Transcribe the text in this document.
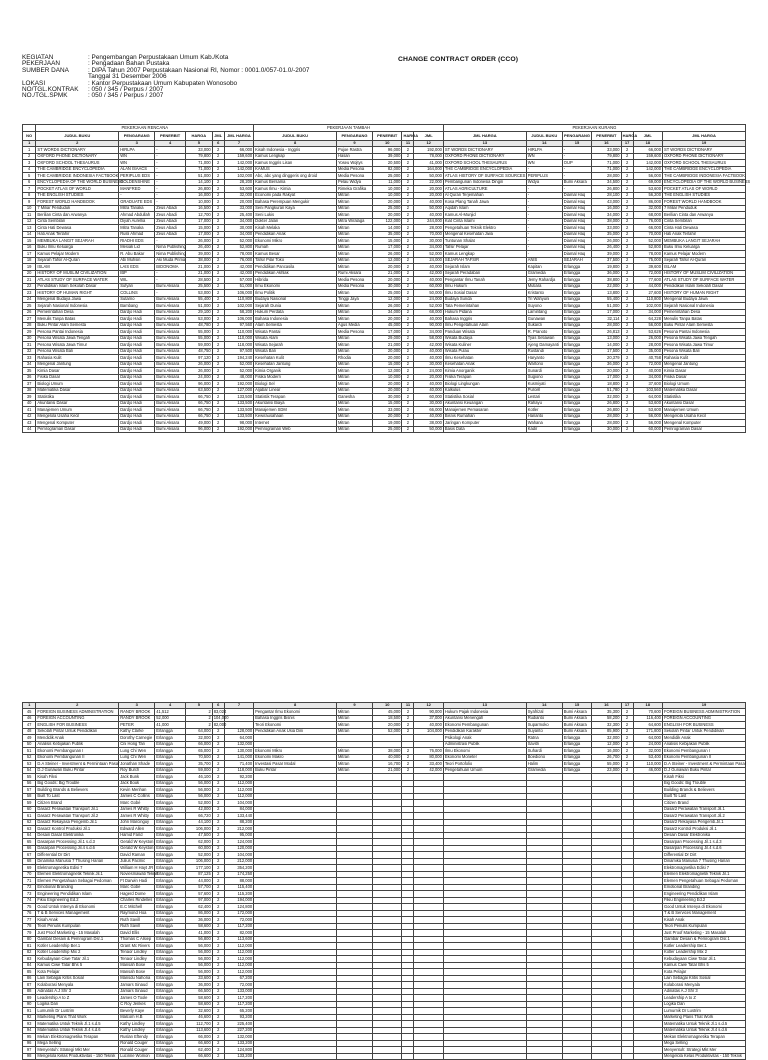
KEGIATAN	: Pengembangan Perpustakaan Umum Kab./Kota
PEKERJAAN	: Pengadaan Bahan Pustaka
SUMBER DANA	: DIPA Tahun 2007 Perpustakaan Nasional RI, Nomor : 0001.0/057-01.0/-2007
Tanggal 31 Desember 2006
LOKASI	: Kantor Perpustakaan Umum Kabupaten Wonosobo
NO/TGL.KONTRAK	: 050 / 345 / Perpus / 2007
NO./TGL.SPMK	: 050 / 345 / Perpus / 2007
CHANGE CONTRACT ORDER (CCO)
	PEKERJAAN RENCANA						PEKERJAAN TAMBAH					PEKERJAAN KURANG						
NO	JUDUL BUKU	PENGARANG	PENERBIT	HARGA	JML	JML HARGA	JUDUL BUKU	PENGARANG	PENERBIT	HARGA	JML	JML HARGA	JUDUL BUKU	PENGARANG	PENERBIT	HARGA	JML	JML HARGA
1	2	3	4	5	6	7	8	9	10	11	12	13	14	15	16	17	18	19
1	ST WORDS DICTIONARY	HIRLPA	-	33,000	2	66,000	Kisah Indonesia - Inggris	Pujoe Rastra	96,000	2	192,000	ST WORDS DICTIONARY	HIRLPA	-	33,000	2	66,000	ST WORDS DICTIONARY
2	OXFORD PHONE DICTIONARY	WN	-	79,800	2	159,600	Kamus Lengkap	Hasan	39,000	2	78,000	OXFORD PHONE DICTIONARY	WN	-	79,800	2	159,600	OXFORD PHONE DICTIONARY
3	OXFORD SCHOOL THESAURUS	WN	-	71,000	2	142,000	Kamus Inggris Lisan	Yoseu Wojtys	20,500	2	41,000	OXFORD SCHOOL THESAURUS	WN	OUP	71,000	2	142,000	OXFORD SCHOOL THESAURUS
4	THE CAMBRIDGE ENCYCLOPEDIA	ALAN ISAACS	-	71,000	2	142,000	KAMUS	Media Pesona	82,000	2	164,000	THE CAMBRIDGE ENCYCLOPEDIA	-	-	71,000	2	142,000	THE CAMBRIDGE ENCYCLOPEDIA
5	THE CAMBRIDGE INDONESIA FACTBOOK	PERIPLUS EDS	-	51,000	2	102,000	Abc, abc yang dinggeris ong droid	Media Pesona	25,000	2	50,000	ATLAS HISTORY OF SURFACE SOURCES	PERIPLUS	-	28,000	2	56,000	THE CAMBRIDGE INDONESIA FACTBOOK
6	ENCYCLOPEDIA OF THE WORLD BUSINESS	GOLDENSHINE	-	14,100	2	28,200	Kamus Bersama	Pelau Widya	11,000	2	22,000	Pembangunan Indonesia Dingin	Widya	Bumi Aksara	34,500	2	69,000	ENCYCLOPEDIA OF THE WORLD BUSINESS
7	POCKET ATLAS OF WORLD	MANFRED	-	26,800	2	53,600	Kamus Ilmu - Kimia	Rimeka Grafika	10,000	2	20,000	ATLAS AGRICULTURE	-	-	26,800	2	53,600	POCKET ATLAS OF WORLD
8	THE ENGLISH STUDIES	-	-	16,000	2	32,000	Economi pada Rakyat	Mitran	10,000	2	20,000	Al Quran Terjemahan	-	Diamal Haq	28,100	2	56,200	THE ENGLISH STUDIES
9	FOREST WORLD HANDBOOK	GRADUATE EDS	-	10,000	2	20,000	Bahasa Perempuan Mengukir	Mitran	20,000	2	40,000	Kosa Plang Tanah Jawa	-	Diamal Haq	43,000	2	86,000	FOREST WORLD HANDBOOK
10	7 Miliar Penduduk	Mitra Tanaka	Zeus Abadi	16,500	2	33,000	Seni Pangkuran Kaya	Mitran	25,000	2	50,000	Aqidah Islam	-	Diamal Haq	16,000	2	32,000	7 Miliar Penduduk
11	Berilian Cinta dan Arwanya	Ahmad Abdullah	Zeus Abadi	12,700	2	25,400	Seni Lukis	Mitran	20,000	2	40,000	Kamus Al-Munjid	-	Diamal Haq	34,000	2	68,000	Berilian Cinta dan Arwanya
12	Cinta Sembilan	Diyah Aurellia	Zeus Abadi	17,000	2	34,000	Dokter Jalan	Mitra Wiralaga	122,000	2	244,000	Kiat Cinta Islami	-	Diamal Haq	38,000	2	76,000	Cinta Sembilan
13	Cinta Hati Dewasa	Mitra Tanaka	Zeus Abadi	15,000	2	30,000	Kisah Melaka	Mitran	14,000	2	28,000	Pengetahuan Teknik Elektro	-	Diamal Haq	33,000	2	66,000	Cinta Hati Dewasa
14	Hati Anak Terlahir	Rusli Ahmad	Zeus Abadi	17,000	2	34,000	Pendidikan Anak	Mitran	35,000	2	70,000	Mengenal Kesehatan Jiwa	-	Diamal Haq	35,000	2	70,000	Hati Anak Terlahir
15	MEMBUKA LANGIT SEJARAH	RIADHI EDS	-	26,000	2	52,000	Ekonomi Mikro	Mitran	15,000	2	30,000	Tuntunan Shalat	-	Diamal Haq	26,000	2	52,000	MEMBUKA LANGIT SEJARAH
16	Buku Ilmu Keluarga	Mesiak Lid	Nima Publishing	26,400	2	52,800	Rumah	Mitran	17,000	2	34,000	Tafsir Pelajar	-	Diamal Haq	26,400	2	52,800	Buku Ilmu Keluarga
17	Kamus Pelajar Modern	R. Abu Bakar	Nima Publishing	39,000	2	78,000	Kamus Besar	Mitran	26,000	2	52,000	Kamus Lengkap	-	Diamal Haq	39,000	2	78,000	Kamus Pelajar Modern
18	Sejarah Tafsir Al-Quran	Abi Muhsin	Aki Muda Prima	38,000	2	76,000	Tafsir Pilar Toko	Mitran	12,000	2	24,000	SEJARAH TAFSIR	ANIS	SEJARAH	37,500	2	75,000	Sejarah Tafsir Al-Quran
19	ISLAM	LAIS EDS	BIDONOMA	21,000	2	42,000	Pendidikan Pancasila	Mitran	20,000	2	40,000	Sejarah Islam	Kapitan	Erlangga	19,800	2	39,600	ISLAM
20	HISTORY OF MUSLIM CIVILIZATION	IBP	-	21,000	2	42,000	Pendidikan Akhlak	Rumi Aksara	21,000	2	42,000	Sejarah Peradaban	Gramedia	Erlangga	36,000	2	72,000	HISTORY OF MUSLIM CIVILIZATION
21	ATLAS STUDY OF SURFACE WATER	WIL	-	28,500	2	57,000	Hibrida	Media Pesona	20,000	2	40,000	Pengantar Ilmu Tanah	Jemy Rahardja	Erlangga	38,800	2	77,600	ATLAS STUDY OF SURFACE WATER
22	Pendidikan Islam Sekolah Dasar	Sufyan	Bumi Aksara	25,500	2	51,000	Ilmu Ekonomi	Media Pesona	30,000	2	60,000	Ilmu Hukum	Mutiara	Erlangga	22,000	2	44,000	Pendidikan Islam Sekolah Dasar
23	HISTORY OF HUMAN RIGHT	COLLINS	-	53,000	2	106,000	Ilmu Politik	Mitran	25,000	2	50,000	Ilmu Sosial Dasar	Kristanto	Erlangga	13,800	2	27,600	HISTORY OF HUMAN RIGHT
24	Mengenal Budaya Jawa	Sutarno	Bumi Aksara	55,400	2	110,800	Budaya Nasional	Tinggi Jaya	12,000	2	24,000	Budaya Sunda	Tri Wahyuni	Erlangga	55,400	2	110,800	Mengenal Budaya Jawa
25	Sejarah Nasional Indonesia	Bambang	Bumi Aksara	51,000	2	102,000	Sejarah Dunia	Mitran	26,000	2	52,000	Tata Pemerintahan	Suyono	Erlangga	51,000	2	102,000	Sejarah Nasional Indonesia
26	Pemerintahan Desa	Dardjo Hadi	Bumi Aksara	29,100	2	58,200	Hukum Perdata	Mitran	34,000	2	68,000	Hukum Pidana	Lamintang	Erlangga	17,000	2	34,000	Pemerintahan Desa
27	Menulis Tanpa Batas	Dardjo Hadi	Bumi Aksara	53,000	2	106,000	Bahasa Indonesia	Mitran	20,000	2	40,000	Bahasa Inggris	Gunawan	Erlangga	32,114	2	64,228	Menulis Tanpa Batas
28	Buku Pintar Alam Semesta	Dardjo Hadi	Bumi Aksara	48,780	2	97,560	Alam Semesta	Agus Media	45,000	2	90,000	Ilmu Pengetahuan Alam	Sukardi	Erlangga	28,000	2	56,000	Buku Pintar Alam Semesta
29	Pesona Pantai Indonesia	Dardjo Hadi	Bumi Aksara	55,000	2	110,000	Wisata Pantai	Media Pesona	17,000	2	34,000	Panduan Wisata	R. Pranoto	Erlangga	26,813	2	53,626	Pesona Pantai Indonesia
30	Pesona Wisata Jawa Tengah	Dardjo Hadi	Bumi Aksara	55,000	2	110,000	Wisata Alam	Mitran	29,000	2	58,000	Wisata Budaya	Tyas Setiawan	Erlangga	13,000	2	26,000	Pesona Wisata Jawa Tengah
31	Pesona Wisata Jawa Timur	Dardjo Hadi	Bumi Aksara	59,000	2	118,000	Wisata Sejarah	Mitran	21,000	2	42,000	Wisata Kuliner	Ajeng Damayanti	Erlangga	14,000	2	28,000	Pesona Wisata Jawa Timur
32	Pesona Wisata Bali	Dardjo Hadi	Bumi Aksara	48,750	2	97,500	Wisata Bali	Mitran	20,000	2	40,000	Wisata Pulau	Rustandi	Erlangga	17,500	2	35,000	Pesona Wisata Bali
33	Rahasia Kulit	Dardjo Hadi	Bumi Aksara	97,120	2	194,240	Kesehatan Kulit	Rhodia	20,000	2	40,000	Ilmu Kesehatan	Haryanto	Erlangga	20,379	2	40,758	Rahasia Kulit
34	Mengenal Jantung	Dardjo Hadi	Bumi Aksara	26,000	2	52,000	Kesehatan Jantung	Mitran	15,000	2	30,000	Kesehatan Anak	Wartono	Erlangga	36,000	2	72,000	Mengenal Jantung
35	Kimia Dasar	Dardjo Hadi	Bumi Aksara	26,000	2	52,000	Kimia Organik	Mitran	12,000	2	24,000	Kimia Anorganik	Sunardi	Erlangga	20,000	2	40,000	Kimia Dasar
36	Fisika Dasar	Dardjo Hadi	Bumi Aksara	24,000	2	48,000	Fisika Modern	Mitran	10,000	2	20,000	Fisika Terapan	Sugiono	Erlangga	17,000	2	34,000	Fisika Dasar
37	Biologi Umum	Dardjo Hadi	Bumi Aksara	96,000	2	192,000	Biologi Sel	Mitran	20,000	2	40,000	Biologi Lingkungan	Kusmiyati	Erlangga	18,800	2	37,600	Biologi Umum
38	Matematika Dasar	Dardjo Hadi	Bumi Aksara	63,500	2	127,000	Aljabar Linear	Mitran	20,000	2	40,000	Kalkulus	Purcell	Erlangga	51,780	2	103,560	Matematika Dasar
39	Statistika	Dardjo Hadi	Bumi Aksara	66,750	2	133,500	Statistik Terapan	Ganesha	30,000	2	60,000	Statistika Sosial	Lestari	Erlangga	32,000	2	64,000	Statistika
40	Akuntansi Dasar	Dardjo Hadi	Bumi Aksara	66,750	2	133,500	Akuntansi Biaya	Mitran	15,000	2	30,000	Akuntansi Keuangan	Rahayu	Erlangga	26,800	2	53,600	Akuntansi Dasar
41	Manajemen Umum	Dardjo Hadi	Bumi Aksara	66,750	2	133,500	Manajemen SDM	Mitran	33,000	2	66,000	Manajemen Pemasaran	Kotler	Erlangga	26,800	2	53,600	Manajemen Umum
42	Mengelola Usaha Kecil	Dardjo Hadi	Bumi Aksara	66,750	2	133,500	Kewirausahaan	Mitran	20,000	2	40,000	Bisnis Rumahan	Harianto	Erlangga	28,000	2	56,000	Mengelola Usaha Kecil
43	Mengenal Komputer	Dardjo Hadi	Bumi Aksara	49,000	2	98,000	Internet	Mitran	19,000	2	38,000	Jaringan Komputer	Wahana	Erlangga	28,000	2	56,000	Mengenal Komputer
44	Pemrograman Dasar	Dardjo Hadi	Bumi Aksara	96,000	2	192,000	Pemrograman Web	Mitran	25,000	2	50,000	Basis Data	Kadir	Erlangga	30,000	2	60,000	Pemrograman Dasar
1	2	3	4	5	6	7	8	9	10	11	12	13	14	15	16	17	18	19
45	FOREIGN BUSINESS ADMINISTRATION	RANDY BROOK	41,512	2	83,024		Pengantar Ilmu Ekonomi	Mitran	45,000	2	90,000	Hukum Pajak Indonesia	Syafrizal	Bumi Aksara	35,300	2	70,600	FOREIGN BUSINESS ADMINISTRATION
46	FOREIGN ACCOUNTING	RANDY BROOK	52,000	2	104,000		Bahasa Inggris Bisnis	Mitran	18,500	2	37,000	Akuntansi Menengah	Rudianto	Bumi Aksara	58,200	2	116,400	FOREIGN ACCOUNTING
47	ENGLISH FOR BUSINESS	PETER	41,000	2	82,000		Teori Ekonomi	Mitran	20,000	2	40,000	Ekonomi Pembangunan	Suparmoko	Bumi Aksara	32,300	2	64,600	ENGLISH FOR BUSINESS
48	Sekolah Pintar Untuk Pendidikan	Kathy Clarke	Erlangga	64,000	2	128,000	Pendidikan Anak Usia Dini	Mitran	52,000	2	104,000	Pendidikan Karakter	Suyanto	Bumi Aksara	85,900	2	171,800	Sekolah Pintar Untuk Pendidikan
49	Mendidik Anak	Dorothy Carnegie	Erlangga	32,000	2	64,000						Psikologi Anak	Ratna	Erlangga	32,000	2	64,000	Mendidik Anak
50	Analisis Kebijakan Publik	Cni Hong Tan	Erlangga	66,000	2	132,000						Administrasi Publik	Savitri	Erlangga	12,000	2	24,000	Analisis Kebijakan Publik
51	Ekonomi Pembangunan I	Lung Chi Wen	Erlangga	65,000	2	130,000	Ekonomi Mikro	Mitran	38,000	2	76,000	Ilmu Ekonomi	Suhardi	Erlangga	16,000	2	32,000	Ekonomi Pembangunan I
52	Ekonomi Pembangunan II	Lung Chi Wen	Erlangga	70,500	2	141,000	Ekonomi Makro	Mitran	40,000	2	80,000	Ekonomi Moneter	Boediono	Erlangga	26,700	2	53,400	Ekonomi Pembangunan II
53	D.A Steiner - Investment & Permintaan Pasar	Jonathan Shade	Erlangga	35,700	2	71,400	Investasi Pasar Modal	Mitran	16,700	2	33,400	Teori Portofolio	Halim	Erlangga	55,000	2	110,000	D.A Steiner - Investment & Permintaan Pasar
54	D.J Gunawan Buku Pintar	Roy Burch	Erlangga	59,000	2	118,000	Buku Pintar	Mitran	21,000	2	42,000	Pengetahuan Umum	Gramedia	Erlangga	23,000	2	46,000	D.J Gunawan Buku Pintar
55	Kisah Fiksi	Jack Bunk	Erlangga	46,100	2	92,200												Kisah Fiksi
56	Big Goods: Big Trouble	Jack Bouk	Erlangga	56,000	2	112,000												Big Goods: Big Trouble
57	Building Brands & Believers	Kevin Menhan	Erlangga	56,000	2	112,000												Building Brands & Believers
58	Built To Last	James C Collins	Erlangga	56,000	2	112,000												Built To Last
59	Citizen Brand	Marc Gobé	Erlangga	52,000	2	104,000												Citizen Brand
60	Dasar2 Perawatan Transport Jil.1	James R Whitty	Erlangga	42,000	2	84,000												Dasar2 Perawatan Transport Jil.1
61	Dasar2 Perawatan Transport Jil.2	James R Whitty	Erlangga	66,720	2	133,440												Dasar2 Perawatan Transport Jil.2
62	Dasar2 Rekayasa Pengemb.Jil.1	John Marcinguy	Erlangga	44,100	2	88,200												Dasar2 Rekayasa Pengemb.Jil.1
63	Dasar2 Kontrol Produksi Jil.1	Edward Allen	Erlangga	106,000	2	212,000												Dasar2 Kontrol Produksi Jil.1
64	Desain Dasar Elektronika	Hamid Farid	Erlangga	47,500	2	95,000												Desain Dasar Elektronika
65	Dasarpan Processing Jil.1 s.d.3	Gerald W Keyston	Erlangga	62,000	2	124,000												Dasarpan Processing Jil.1 s.d.3
66	Dasarpan Processing Jil.4 s.d.6	Gerald W Keyston	Erlangga	60,000	2	120,000												Dasarpan Processing Jil.4 s.d.6
67	Differential Dr Dirt	David Raman	Erlangga	52,000	2	104,000												Differential Dr Dirt
68	Dinamika Manusia 7 Thusing Harian	Julius Pacmic	Erlangga	106,000	2	212,000												Dinamika Manusia 7 Thusing Harian
69	Elektromagnetika Edisi 7	William H Hayt JR	Erlangga	177,100	2	354,200												Elektromagnetika Edisi 7
70	Elemen Elektromagnetik Teknik Jil.1	Noviesmawati Teknis	Erlangga	87,125	2	174,250												Elemen Elektromagnetik Teknik Jil.1
71	Elemen Pengetahuan Sebagai Pedoman	Ft Darwin Hadi	Erlangga	44,000	2	88,000												Elemen Pengetahuan Sebagai Pedoman
72	Emotional Branding	Marc Gobé	Erlangga	57,700	2	115,400												Emotional Branding
73	Engineering Pendidikan Islam	Hagerd Dome	Erlangga	57,600	2	115,200												Engineering Pendidikan Islam
74	Fikiu Engineering Ed.2	Charles Rindelles	Erlangga	97,000	2	194,000												Fikiu Engineering Ed.2
75	Good Untuk Intenya di Ekonomi	E.C Mitchell	Erlangga	62,400	2	124,800												Good Untuk Intenya di Ekonomi
76	T & B Services Management	Raymond Hoa	Erlangga	86,000	2	172,000												T & B Services Management
77	Kisah Anak	Ruth Savill	Erlangga	36,000	2	72,000												Kisah Anak
78	Teori Penulis Kumpulan	Ruth Savill	Erlangga	58,600	2	117,200												Teori Penulis Kumpulan
79	Just Proof Marketing - 15 Masalah	David Ellis	Erlangga	41,000	2	82,000												Just Proof Marketing - 15 Masalah
80	Gambar Desain & Pemrogram Dsr.1	Thomas C Alsiep	Erlangga	56,800	2	113,600												Gambar Desain & Pemrogram Dsr.1
81	Kotler Leadership Ber.1	Grant Mc Rivers	Erlangga	56,000	2	112,000												Kotler Leadership Ber.1
82	Kotler Leadership Mix 2	Tenaor Lindley	Erlangga	56,000	2	112,000												Kotler Leadership Mix 2
83	Kebudayaan Ciwe Tatar Jil.1	Tenaor Lindley	Erlangga	56,000	2	112,000												Kebudayaan Ciwe Tatar Jil.1
84	Kamus Ciwe Tatar Bhs 5	Mansah Bose	Erlangga	56,000	2	112,000												Kamus Ciwe Tatar Bhs 5
85	Kota Pelajar	Mansah Bose	Erlangga	56,000	2	112,000												Kota Pelajar
86	Lain Sebagai Kritis Sosial	Mansdu Nahoria	Erlangga	33,600	2	67,200												Lain Sebagai Kritis Sosial
87	Kolaborasi Menyala	Jamars Sinaud	Erlangga	36,000	2	72,000												Kolaborasi Menyala
88	Adinatas A.J Shr 3	Jamars Sinaud	Erlangga	66,500	2	133,000												Adinatas A.J Shr 3
89	Leadership A to Z	James O Toole	Erlangga	58,600	2	117,200												Leadership A to Z
90	Logika Dan	C Roy Jenkes	Erlangga	58,600	2	117,200												Logika Dan
91	Lumurnik Dr Lustrim	Beverly Kaye	Erlangga	32,600	2	65,200												Lumurnik Dr Lustrim
92	Marketing Plans That Work	Malcom H.B	Erlangga	46,600	2	93,200												Marketing Plans That Work
93	Matematika Untuk Teknik Jl.1 s.d.5	Kathy Lindley	Erlangga	112,700	2	225,400												Matematika Untuk Teknik Jl.1 s.d.5
94	Matematika Untuk Teknik Jl.4 s.d.6	Kathy Lindley	Erlangga	113,600	2	227,200												Matematika Untuk Teknik Jl.4 s.d.6
95	Mekan Elektromagnetika Terapan	Ruslan Eftendy	Erlangga	66,000	2	132,000												Mekan Elektromagnetika Terapan
96	Mega Selling	Ronald Couger	Erlangga	66,600	2	133,200												Mega Selling
97	Menyentuh: Strategi Mkt Mer	Ronald Couger	Erlangga	62,400	2	124,800												Menyentuh: Strategi Mkt Mer
98	Mengelola Kelas Produktivitas - 150 Teknik	Lucinne Womon	Erlangga	66,600	2	133,200												Mengelola Kelas Produktivitas - 150 Teknik
